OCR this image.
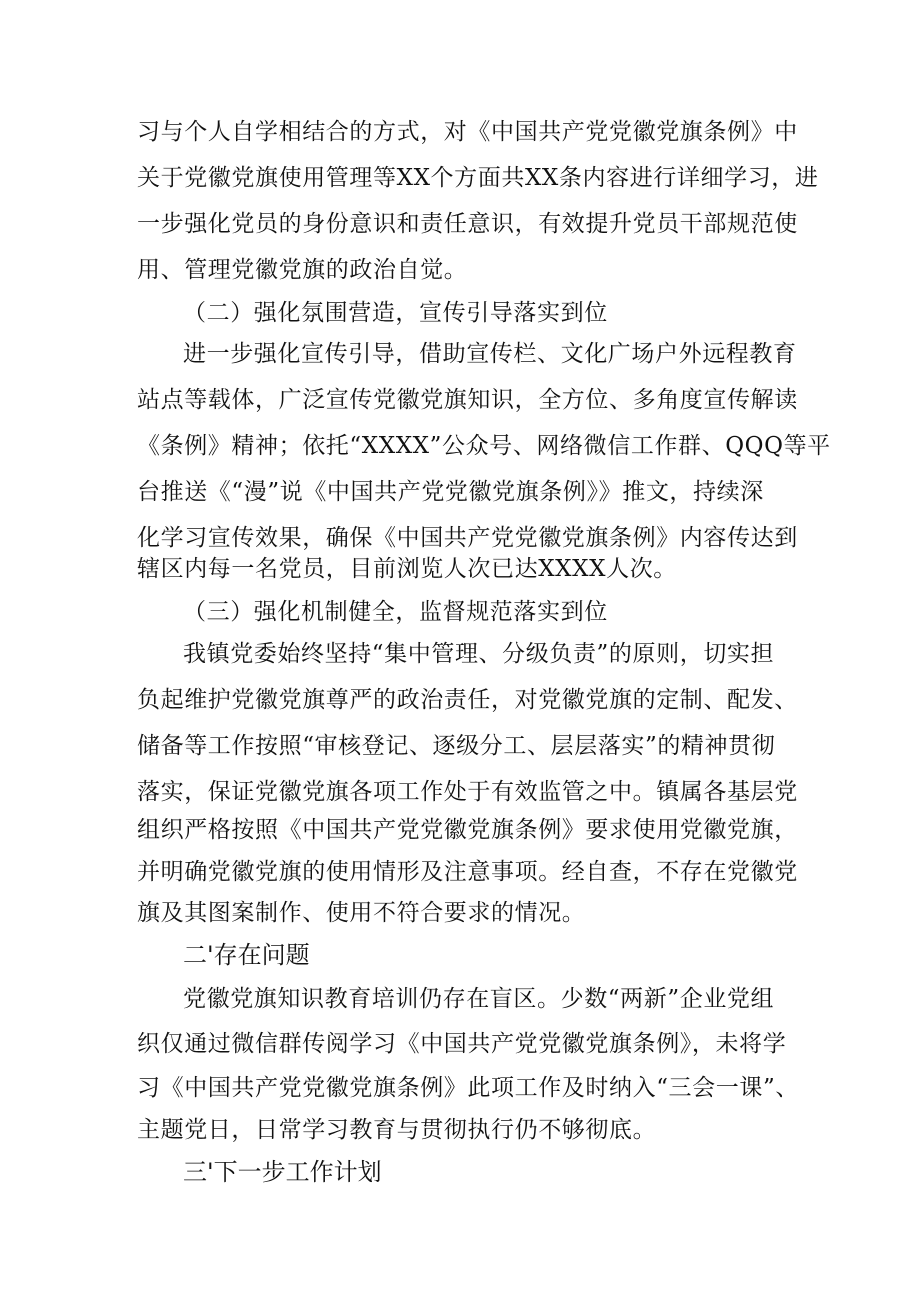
习与个人自学相结合的方式，对《中国共产党党徽党旗条例》中
关于党徽党旗使用管理等XX个方面共XX条内容进行详细学习，进
一步强化党员的身份意识和责任意识，有效提升党员干部规范使
用、管理党徽党旗的政治自觉。
（二）强化氛围营造，宣传引导落实到位
进一步强化宣传引导，借助宣传栏、文化广场户外远程教育
站点等载体，广泛宣传党徽党旗知识，全方位、多角度宣传解读
《条例》精神；依托“XXXX”公众号、网络微信工作群、QQQ等平
台推送《“漫”说《中国共产党党徽党旗条例》》推文，持续深
化学习宣传效果，确保《中国共产党党徽党旗条例》内容传达到
辖区内每一名党员，目前浏览人次已达XXXX人次。
（三）强化机制健全，监督规范落实到位
我镇党委始终坚持“集中管理、分级负责”的原则，切实担
负起维护党徽党旗尊严的政治责任，对党徽党旗的定制、配发、
储备等工作按照“审核登记、逐级分工、层层落实”的精神贯彻
落实，保证党徽党旗各项工作处于有效监管之中。镇属各基层党
组织严格按照《中国共产党党徽党旗条例》要求使用党徽党旗，
并明确党徽党旗的使用情形及注意事项。经自查，不存在党徽党
旗及其图案制作、使用不符合要求的情况。
二'存在问题
党徽党旗知识教育培训仍存在盲区。少数“两新”企业党组
织仅通过微信群传阅学习《中国共产党党徽党旗条例》，未将学
习《中国共产党党徽党旗条例》此项工作及时纳入“三会一课”、
主题党日，日常学习教育与贯彻执行仍不够彻底。
三'下一步工作计划
